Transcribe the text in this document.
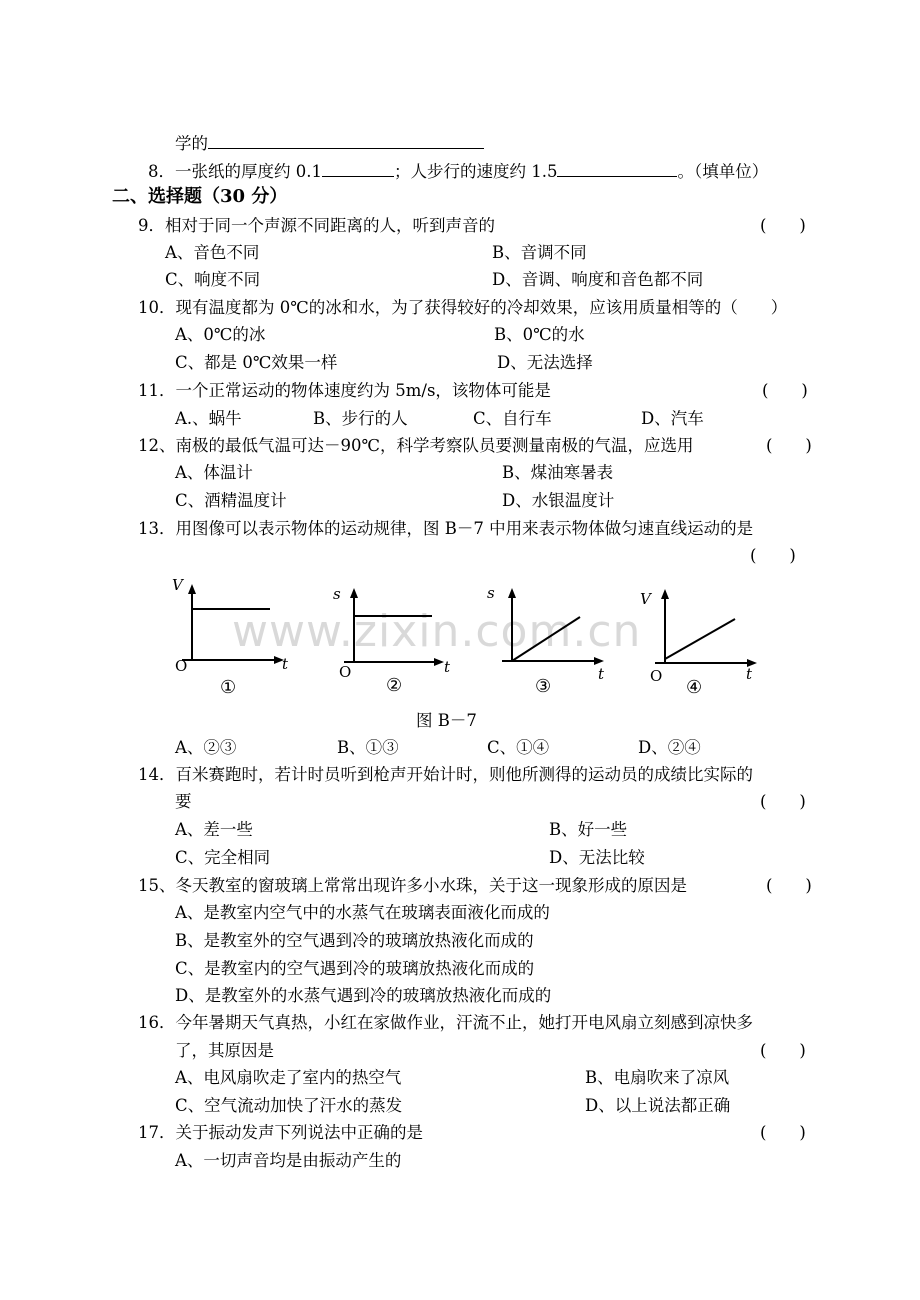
www.zixin.com.cn
学的
8．一张纸的厚度约 0.1	；人步行的速度约 1.5	。（填单位）
二、选择题（30 分）
9．相对于同一个声源不同距离的人，听到声音的	(　　)
A、音色不同	B、音调不同
C、响度不同	D、音调、响度和音色都不同
10．现有温度都为 0℃的冰和水，为了获得较好的冷却效果，应该用质量相等的（　　）
A、0℃的冰	B、0℃的水
C、都是 0℃效果一样	D、无法选择
11．一个正常运动的物体速度约为 5m/s，该物体可能是	(　　)
A.、蜗牛	B、步行的人	C、自行车	D、汽车
12、南极的最低气温可达－90℃，科学考察队员要测量南极的气温，应选用	(　　)
A、体温计	B、煤油寒暑表
C、酒精温度计	D、水银温度计
13．用图像可以表示物体的运动规律，图 B－7 中用来表示物体做匀速直线运动的是
(　　)
V
t
O
①
s
t
O
②
s
t
③
V
t
O
④
图 B－7
A、②③	B、①③	C、①④	D、②④
14．百米赛跑时，若计时员听到枪声开始计时，则他所测得的运动员的成绩比实际的
要	(　　)
A、差一些	B、好一些
C、完全相同	D、无法比较
15、冬天教室的窗玻璃上常常出现许多小水珠，关于这一现象形成的原因是	(　　)
A、是教室内空气中的水蒸气在玻璃表面液化而成的
B、是教室外的空气遇到冷的玻璃放热液化而成的
C、是教室内的空气遇到冷的玻璃放热液化而成的
D、是教室外的水蒸气遇到冷的玻璃放热液化而成的
16．今年暑期天气真热，小红在家做作业，汗流不止，她打开电风扇立刻感到凉快多
了，其原因是	(　　)
A、电风扇吹走了室内的热空气	B、电扇吹来了凉风
C、空气流动加快了汗水的蒸发	D、以上说法都正确
17．关于振动发声下列说法中正确的是	(　　)
A、一切声音均是由振动产生的
